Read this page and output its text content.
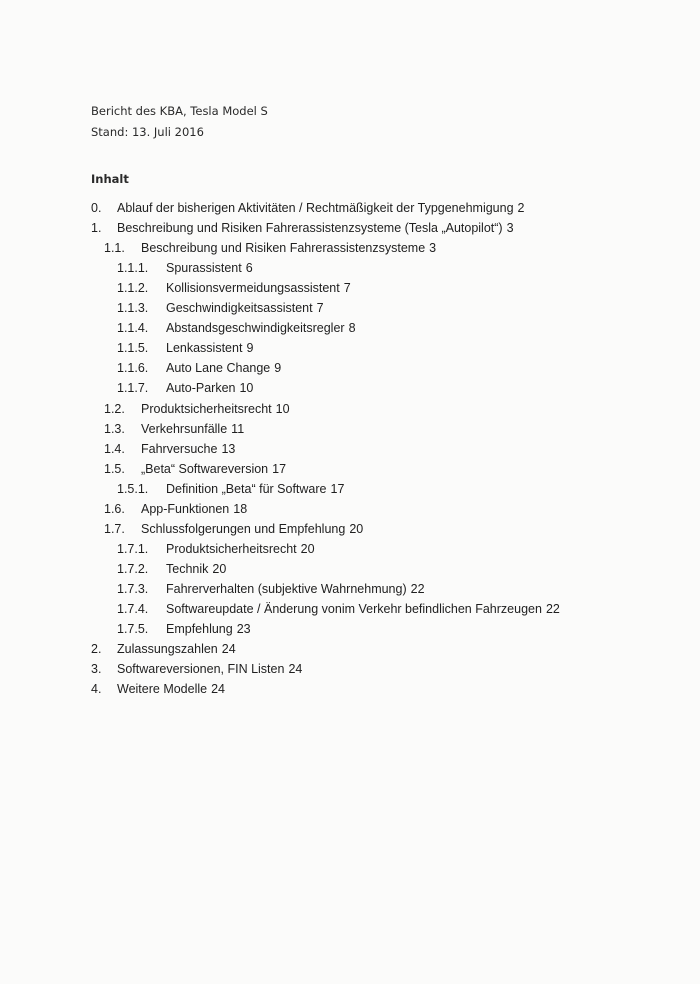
Bericht des KBA, Tesla Model S
Stand: 13. Juli 2016
Inhalt
0. Ablauf der bisherigen Aktivitäten / Rechtmäßigkeit der Typgenehmigung 2
1. Beschreibung und Risiken Fahrerassistenzsysteme (Tesla „Autopilot“) 3
1.1. Beschreibung und Risiken Fahrerassistenzsysteme 3
1.1.1. Spurassistent 6
1.1.2. Kollisionsvermeidungsassistent 7
1.1.3. Geschwindigkeitsassistent 7
1.1.4. Abstandsgeschwindigkeitsregler 8
1.1.5. Lenkassistent 9
1.1.6. Auto Lane Change 9
1.1.7. Auto-Parken 10
1.2. Produktsicherheitsrecht 10
1.3. Verkehrsunfälle 11
1.4. Fahrversuche 13
1.5. „Beta“ Softwareversion 17
1.5.1. Definition „Beta“ für Software 17
1.6. App-Funktionen 18
1.7. Schlussfolgerungen und Empfehlung 20
1.7.1. Produktsicherheitsrecht 20
1.7.2. Technik 20
1.7.3. Fahrerverhalten (subjektive Wahrnehmung) 22
1.7.4. Softwareupdate / Änderung vonim Verkehr befindlichen Fahrzeugen 22
1.7.5. Empfehlung 23
2. Zulassungszahlen 24
3. Softwareversionen, FIN Listen 24
4. Weitere Modelle 24
